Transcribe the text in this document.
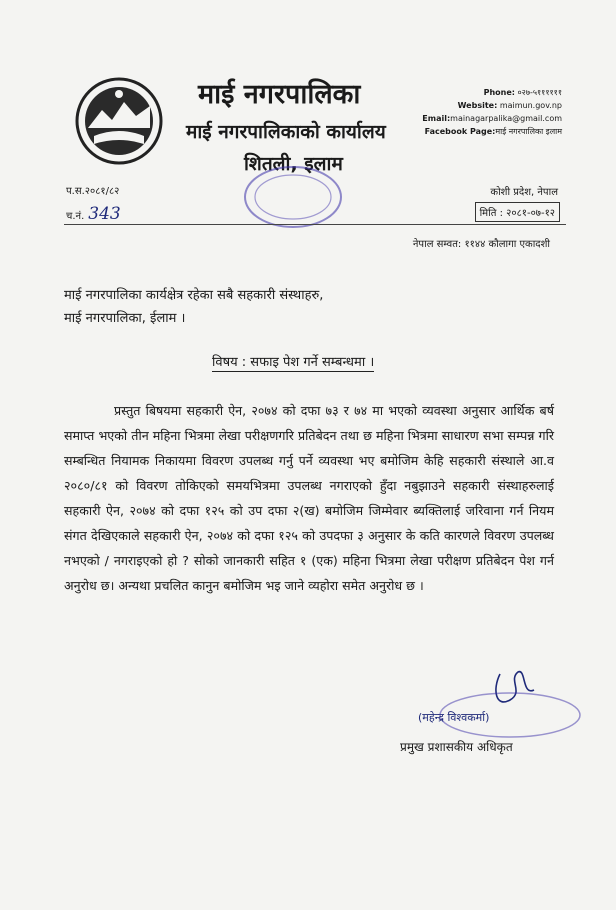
माई नगरपालिका
माई नगरपालिकाको कार्यालय
शितली, इलाम
Phone: ०२७-५११११११
Website: maimun.gov.np
Email:mainagarpalika@gmail.com
Facebook Page:माई नगरपालिका इलाम
प.स.२०८१/८२
च.नं. 343
कोशी प्रदेश, नेपाल
मिति : २०८१-०७-१२
नेपाल सम्वत: ११४४ कौलागा एकादशी
माई नगरपालिका कार्यक्षेत्र रहेका सबै सहकारी संस्थाहरु,
माई नगरपालिका, ईलाम ।
विषय : सफाइ पेश गर्ने सम्बन्धमा ।

प्रस्तुत बिषयमा सहकारी ऐन, २०७४ को दफा ७३ र ७४ मा भएको व्यवस्था अनुसार आर्थिक बर्ष समाप्त भएको तीन महिना भित्रमा लेखा परीक्षणगरि प्रतिबेदन तथा छ महिना भित्रमा साधारण सभा सम्पन्न गरि सम्बन्धित नियामक निकायमा विवरण उपलब्ध गर्नु पर्ने व्यवस्था भए बमोजिम केहि सहकारी संस्थाले आ.व २०८०/८१ को विवरण तोकिएको समयभित्रमा उपलब्ध नगराएको हुँदा नबुझाउने सहकारी संस्थाहरुलाई सहकारी ऐन, २०७४ को दफा १२५ को उप दफा २(ख) बमोजिम जिम्मेवार ब्यक्तिलाई जरिवाना गर्न नियम संगत देखिएकाले सहकारी ऐन, २०७४ को दफा १२५ को उपदफा ३ अनुसार के कति कारणले विवरण उपलब्ध नभएको / नगराइएको हो ? सोको जानकारी सहित १ (एक) महिना भित्रमा लेखा परीक्षण प्रतिबेदन पेश गर्न अनुरोध छ। अन्यथा प्रचलित कानुन बमोजिम भइ जाने व्यहोरा समेत अनुरोध छ ।

(महेन्द्र विश्वकर्मा)
प्रमुख प्रशासकीय अधिकृत
